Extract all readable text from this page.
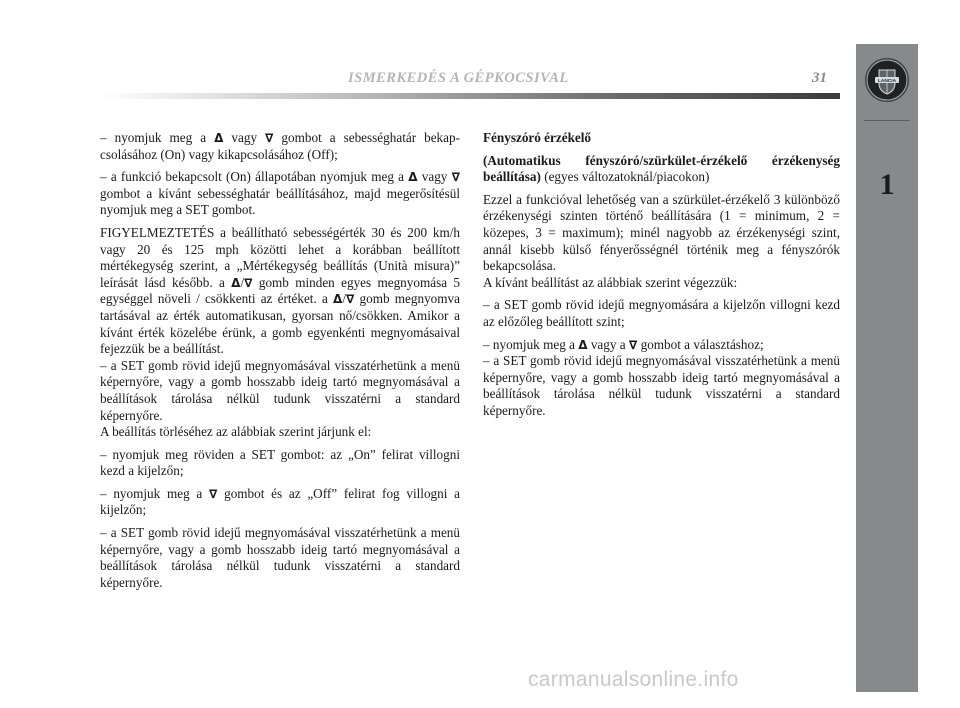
ISMERKEDÉS A GÉPKOCSIVAL	31	LANCIA
1

– nyomjuk meg a Δ vagy ∇ gombot a sebességhatár bekapcsolásához (On) vagy kikapcsolásához (Off);

– a funkció bekapcsolt (On) állapotában nyomjuk meg a Δ vagy ∇ gombot a kívánt sebességhatár beállításához, majd megerősítésül nyomjuk meg a SET gombot.

FIGYELMEZTETÉS a beállítható sebességérték 30 és 200 km/h vagy 20 és 125 mph közötti lehet a korábban beállított mértékegység szerint, a „Mértékegység beállítás (Unità misura)” leírását lásd később. a Δ/∇ gomb minden egyes megnyomása 5 egységgel növeli / csökkenti az értéket. a Δ/∇ gomb megnyomva tartásával az érték automatikusan, gyorsan nő/csökken. Amikor a kívánt érték közelébe érünk, a gomb egyenkénti megnyomásaival fejezzük be a beállítást.

– a SET gomb rövid idejű megnyomásával visszatérhetünk a menü képernyőre, vagy a gomb hosszabb ideig tartó megnyomásával a beállítások tárolása nélkül tudunk visszatérni a standard képernyőre.

A beállítás törléséhez az alábbiak szerint járjunk el:

– nyomjuk meg röviden a SET gombot: az „On” felirat villogni kezd a kijelzőn;

– nyomjuk meg a ∇ gombot és az „Off” felirat fog villogni a kijelzőn;

– a SET gomb rövid idejű megnyomásával visszatérhetünk a menü képernyőre, vagy a gomb hosszabb ideig tartó megnyomásával a beállítások tárolása nélkül tudunk visszatérni a standard képernyőre.

Fényszóró érzékelő

(Automatikus fényszóró/szürkület-érzékelő érzékenység beállítása) (egyes változatoknál/piacokon)

Ezzel a funkcióval lehetőség van a szürkület-érzékelő 3 különböző érzékenységi szinten történő beállítására (1 = minimum, 2 = közepes, 3 = maximum); minél nagyobb az érzékenységi szint, annál kisebb külső fényerősségnél történik meg a fényszórók bekapcsolása.

A kívánt beállítást az alábbiak szerint végezzük:

– a SET gomb rövid idejű megnyomására a kijelzőn villogni kezd az előzőleg beállított szint;

– nyomjuk meg a Δ vagy a ∇ gombot a választáshoz;

– a SET gomb rövid idejű megnyomásával visszatérhetünk a menü képernyőre, vagy a gomb hosszabb ideig tartó megnyomásával a beállítások tárolása nélkül tudunk visszatérni a standard képernyőre.

carmanualsonline.info
